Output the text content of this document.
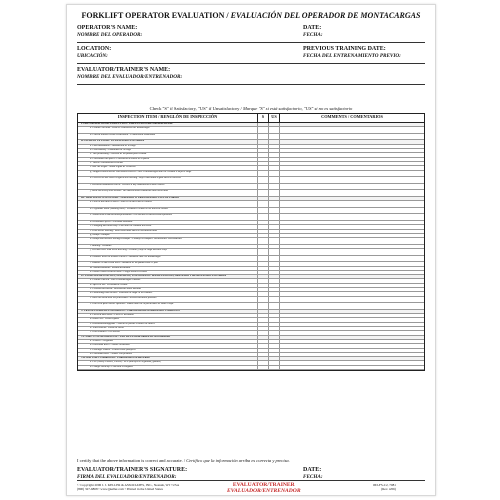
FORKLIFT OPERATOR EVALUATION / EVALUACIÓN DEL OPERADOR DE MONTACARGAS
OPERATOR'S NAME:
NOMBRE DEL OPERADOR:
DATE:
FECHA:
LOCATION:
UBICACIÓN:
PREVIOUS TRAINING DATE:
FECHA DEL ENTRENAMIENTO PREVIO:
EVALUATOR/TRAINER'S NAME:
NOMBRE DEL EVALUADOR/ENTRENADOR:
Check "S" if Satisfactory, "US" if Unsatisfactory / Marque "S" si está satisfactorio, "US" si no es satisfactorio
INSPECTION ITEM / RENGLÓN DE INSPECCIÓN	S	US	COMMENTS / COMENTARIOS
I. PRE-OPERATIONAL INSPECTION / INSPECCIÓN PRE-OPERACIONAL
a. Forklift Checklist / Lista de verificación del montacargas
b. Current forklift license/certification / Certificación actualizada
II. PICKING UP LOAD / LEVANTANDO LA CARGA
a. Load distribution / Distribución de la carga
b. Load stability / Estabilidad de la carga
c. Tine positioning / Posición de las puntas para levantar
d. Penetration into pallet / Penetración a dentro de la paleta
e. Tilt/lift / Inclinación/elevación
f. Safe lift height / Altura segura de elevación
g. Stopped forklift before load raised/lowered / Paró el montacargas antes de levantar o bajar la carga
h. Lowered to safe travel height before moving / Bajó a una altura segura antes de moverse
i. Overhead obstruction check / Verificó si hay obstrucciones sobre cabeza
j. Back out slowly/look behind / Dio marcha atrás lentamente/miró hacia atrás
III. TRAVELING WITH LOAD / VIAJANDO O TRANSITANDO CON LA CARGA
a. Look in direction of travel / Mira en la dirección del avance
b. Legitimate mode (running lines) / Permanece dentro de las líneas de avance
c. Sound horn at intersections/pedestrians / Usó bocina en intersecciones/peatones
d. Reasonable speed / Velocidad razonable
e. Changing directions stop / Paró antes de cambiar dirección
f. Look before backing / Miró hacia atrás antes de dar marcha atrás
g. Ramps / Rampas
h. Ramps and inclines driving technique / Condujo en rampas e inclinaciones correctamente
i. Braking / Frenando
j. Lift and lower load when traveling / Levantó y bajó la carga mientras viajó
k. Distance between forklift vehicles / Distancia entre los montacargas
l. Distance of tines from floor / Distancia de las puntas sobre el piso
m. Mount/dismount / Montar/desmontar
n. Double loads/overhead loads / Cargas dobles/elevadas
IV. LOAD MANIPULATION, STACKING, UNSTACKING / MANIPULACIÓN, APILANDO Y REMOVIENDO LA CARGA
a. Forklift centered / Está el montacargas centrado
b. Speed of lift / Velocidad de levante
c. Forward movement / Movimiento hacia adelante
d. Positioning load on rack / Posicionó la carga en los estantes
e. Back off down/look for pedestrians / Retrocedió/buscó peatones
f. Fork clear pallet before up/down / Puntas libres de la paleta antes de subir o bajar
V. TRUCK LOADING/UNLOADING / CARGANDO/DESCARGANDO CAMIONES
a. Checked back stock / Checó el inventario
b. Brakes set / Frenos fijados
c. Dockboard/bridgeplate / Tablero de puente o tablero de muelle
d. Wheelchocks / Calzas de rueda
e. Horn sounded / Usó bocina
VI. SAFETY PLATFORM USE / USO DE PLATAFORMA DE SEGURIDAD
a. Secured / Asegurado
b. Horizontal travel / Avance horizontal
c. Passenger control / Control sobre pasajeros
d. Pedestrian travel / Avance con peatones
VII. BATTERY CHARGING / CARGANDO LA BATERÍA
a. PPE (Safety Glasses, Gloves) / EPP (anteojos de seguridad, guantes)
b. Charger hook-up / Conexión al cargador
I certify that the above information is correct and accurate. / Certifico que la información arriba es correcta y precisa.
EVALUATOR/TRAINER'S SIGNATURE:
FIRMA DEL EVALUADOR/ENTRENADOR:
DATE:
FECHA:
© Copyright 2006 J. J. KELLER & ASSOCIATES, INC., Neenah, WI • USA
(800) 327-6868 • www.jjkeller.com • Printed in the United States
EVALUATOR/TRAINER
EVALUADOR/ENTRENADOR
063-FS-C2, 7081
(Rev. 4/06)
